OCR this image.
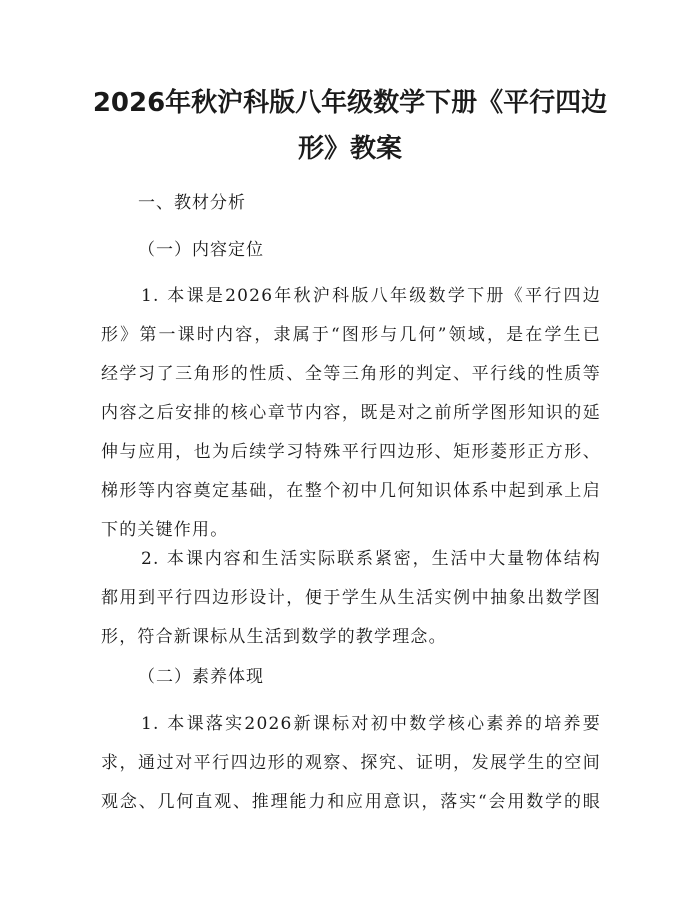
2026年秋沪科版八年级数学下册《平行四边
形》教案
一、教材分析
（一）内容定位
1. 本课是2026年秋沪科版八年级数学下册《平行四边
形》第一课时内容，隶属于“图形与几何”领域，是在学生已
经学习了三角形的性质、全等三角形的判定、平行线的性质等
内容之后安排的核心章节内容，既是对之前所学图形知识的延
伸与应用，也为后续学习特殊平行四边形、矩形菱形正方形、
梯形等内容奠定基础，在整个初中几何知识体系中起到承上启
下的关键作用。
2. 本课内容和生活实际联系紧密，生活中大量物体结构
都用到平行四边形设计，便于学生从生活实例中抽象出数学图
形，符合新课标从生活到数学的教学理念。
（二）素养体现
1. 本课落实2026新课标对初中数学核心素养的培养要
求，通过对平行四边形的观察、探究、证明，发展学生的空间
观念、几何直观、推理能力和应用意识，落实“会用数学的眼
